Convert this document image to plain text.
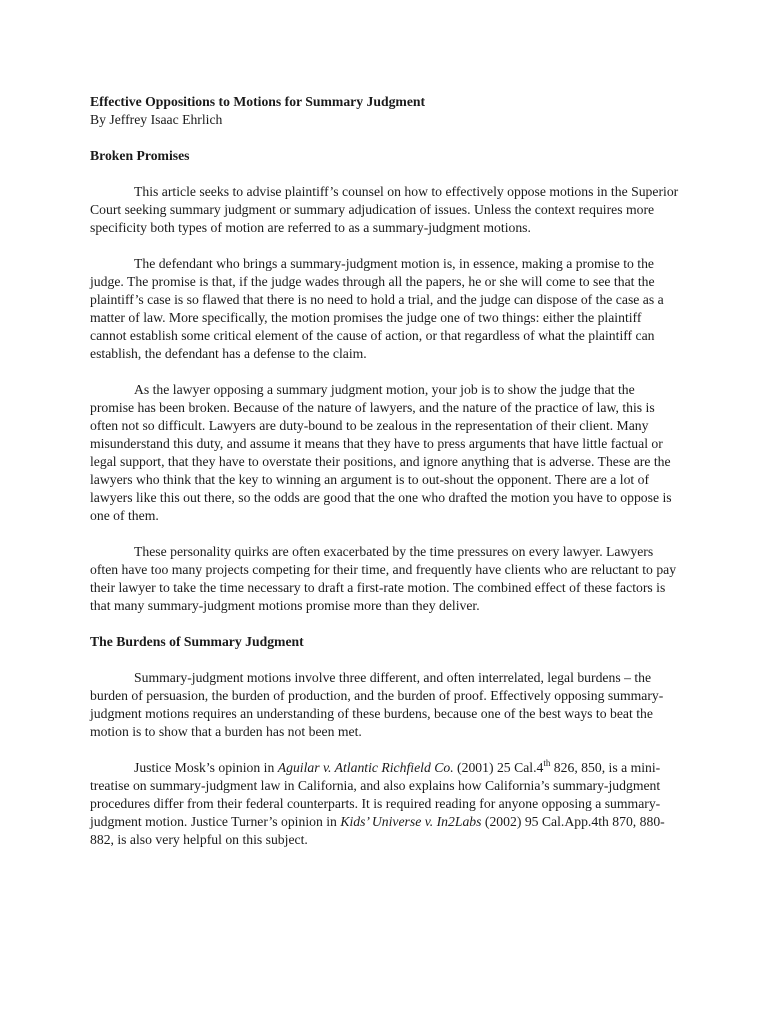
Effective Oppositions to Motions for Summary Judgment

By Jeffrey Isaac Ehrlich

Broken Promises

This article seeks to advise plaintiff’s counsel on how to effectively oppose motions in the Superior Court seeking summary judgment or summary adjudication of issues. Unless the context requires more specificity both types of motion are referred to as a summary-judgment motions.

The defendant who brings a summary-judgment motion is, in essence, making a promise to the judge. The promise is that, if the judge wades through all the papers, he or she will come to see that the plaintiff’s case is so flawed that there is no need to hold a trial, and the judge can dispose of the case as a matter of law. More specifically, the motion promises the judge one of two things: either the plaintiff cannot establish some critical element of the cause of action, or that regardless of what the plaintiff can establish, the defendant has a defense to the claim.

As the lawyer opposing a summary judgment motion, your job is to show the judge that the promise has been broken. Because of the nature of lawyers, and the nature of the practice of law, this is often not so difficult. Lawyers are duty-bound to be zealous in the representation of their client. Many misunderstand this duty, and assume it means that they have to press arguments that have little factual or legal support, that they have to overstate their positions, and ignore anything that is adverse. These are the lawyers who think that the key to winning an argument is to out-shout the opponent. There are a lot of lawyers like this out there, so the odds are good that the one who drafted the motion you have to oppose is one of them.

These personality quirks are often exacerbated by the time pressures on every lawyer. Lawyers often have too many projects competing for their time, and frequently have clients who are reluctant to pay their lawyer to take the time necessary to draft a first-rate motion. The combined effect of these factors is that many summary-judgment motions promise more than they deliver.

The Burdens of Summary Judgment

Summary-judgment motions involve three different, and often interrelated, legal burdens – the burden of persuasion, the burden of production, and the burden of proof. Effectively opposing summary-judgment motions requires an understanding of these burdens, because one of the best ways to beat the motion is to show that a burden has not been met.

Justice Mosk’s opinion in Aguilar v. Atlantic Richfield Co. (2001) 25 Cal.4th 826, 850, is a mini-treatise on summary-judgment law in California, and also explains how California’s summary-judgment procedures differ from their federal counterparts. It is required reading for anyone opposing a summary-judgment motion. Justice Turner’s opinion in Kids’ Universe v. In2Labs (2002) 95 Cal.App.4th 870, 880-882, is also very helpful on this subject.
